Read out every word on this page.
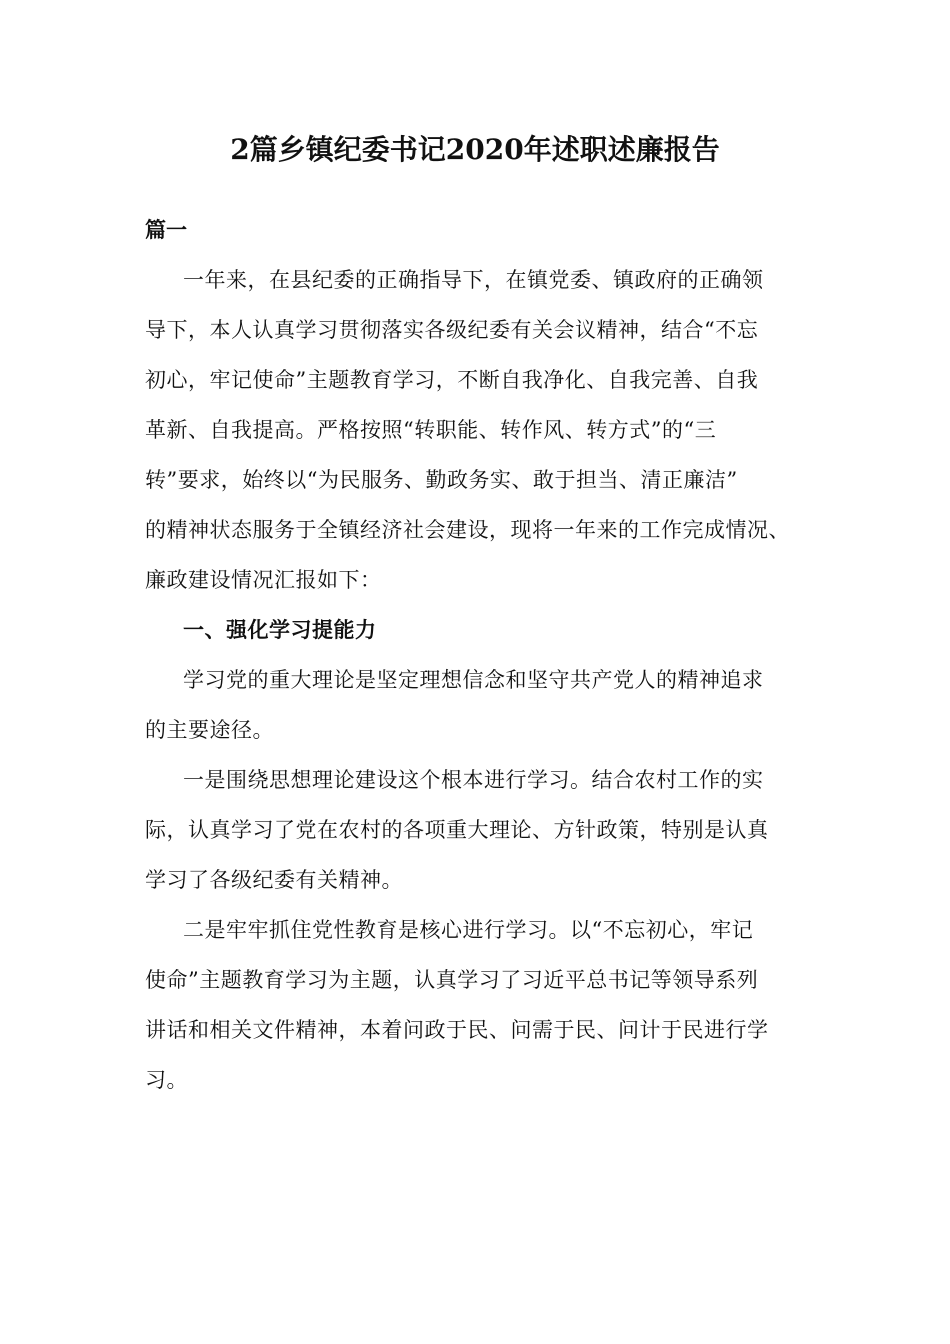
2篇乡镇纪委书记2020年述职述廉报告

篇一

一年来，在县纪委的正确指导下，在镇党委、镇政府的正确领

导下，本人认真学习贯彻落实各级纪委有关会议精神，结合“不忘

初心，牢记使命”主题教育学习，不断自我净化、自我完善、自我

革新、自我提高。严格按照“转职能、转作风、转方式”的“三

转”要求，始终以“为民服务、勤政务实、敢于担当、清正廉洁”

的精神状态服务于全镇经济社会建设，现将一年来的工作完成情况、

廉政建设情况汇报如下：

一、强化学习提能力

学习党的重大理论是坚定理想信念和坚守共产党人的精神追求

的主要途径。

一是围绕思想理论建设这个根本进行学习。结合农村工作的实

际，认真学习了党在农村的各项重大理论、方针政策，特别是认真

学习了各级纪委有关精神。

二是牢牢抓住党性教育是核心进行学习。以“不忘初心，牢记

使命”主题教育学习为主题，认真学习了习近平总书记等领导系列

讲话和相关文件精神，本着问政于民、问需于民、问计于民进行学

习。
